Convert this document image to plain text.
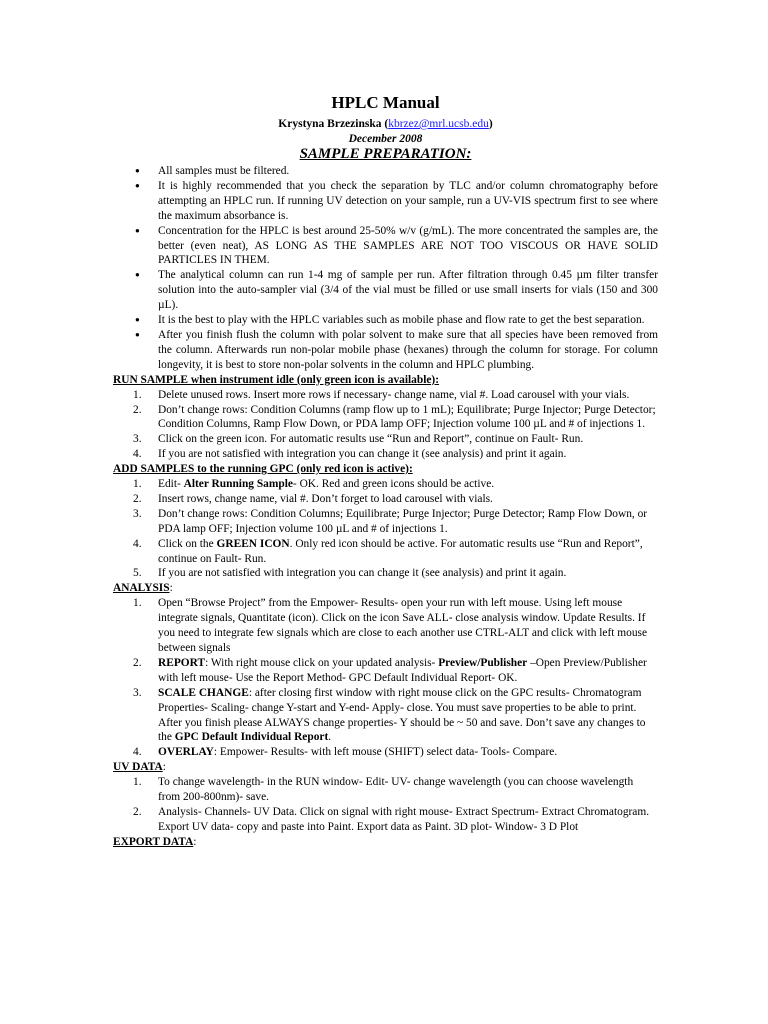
HPLC Manual
Krystyna Brzezinska (kbrzez@mrl.ucsb.edu)
December 2008
SAMPLE PREPARATION:
● All samples must be filtered.
● It is highly recommended that you check the separation by TLC and/or column chromatography before attempting an HPLC run. If running UV detection on your sample, run a UV-VIS spectrum first to see where the maximum absorbance is.
● Concentration for the HPLC is best around 25-50% w/v (g/mL). The more concentrated the samples are, the better (even neat), AS LONG AS THE SAMPLES ARE NOT TOO VISCOUS OR HAVE SOLID PARTICLES IN THEM.
● The analytical column can run 1-4 mg of sample per run. After filtration through 0.45 µm filter transfer solution into the auto-sampler vial (3/4 of the vial must be filled or use small inserts for vials (150 and 300 µL).
● It is the best to play with the HPLC variables such as mobile phase and flow rate to get the best separation.
● After you finish flush the column with polar solvent to make sure that all species have been removed from the column. Afterwards run non-polar mobile phase (hexanes) through the column for storage. For column longevity, it is best to store non-polar solvents in the column and HPLC plumbing.
RUN SAMPLE when instrument idle (only green icon is available):
1. Delete unused rows. Insert more rows if necessary- change name, vial #. Load carousel with your vials.
2. Don’t change rows: Condition Columns (ramp flow up to 1 mL); Equilibrate; Purge Injector; Purge Detector; Condition Columns, Ramp Flow Down, or PDA lamp OFF; Injection volume 100 µL and # of injections 1.
3. Click on the green icon. For automatic results use “Run and Report”, continue on Fault- Run.
4. If you are not satisfied with integration you can change it (see analysis) and print it again.
ADD SAMPLES to the running GPC (only red icon is active):
1. Edit- Alter Running Sample- OK. Red and green icons should be active.
2. Insert rows, change name, vial #. Don’t forget to load carousel with vials.
3. Don’t change rows: Condition Columns; Equilibrate; Purge Injector; Purge Detector; Ramp Flow Down, or PDA lamp OFF; Injection volume 100 µL and # of injections 1.
4. Click on the GREEN ICON. Only red icon should be active. For automatic results use “Run and Report”, continue on Fault- Run.
5. If you are not satisfied with integration you can change it (see analysis) and print it again.
ANALYSIS:
1. Open “Browse Project” from the Empower- Results- open your run with left mouse. Using left mouse integrate signals, Quantitate (icon). Click on the icon Save ALL- close analysis window. Update Results. If you need to integrate few signals which are close to each another use CTRL-ALT and click with left mouse between signals
2. REPORT: With right mouse click on your updated analysis- Preview/Publisher –Open Preview/Publisher with left mouse- Use the Report Method- GPC Default Individual Report- OK.
3. SCALE CHANGE: after closing first window with right mouse click on the GPC results- Chromatogram Properties- Scaling- change Y-start and Y-end- Apply- close. You must save properties to be able to print. After you finish please ALWAYS change properties- Y should be ~ 50 and save. Don’t save any changes to the GPC Default Individual Report.
4. OVERLAY: Empower- Results- with left mouse (SHIFT) select data- Tools- Compare.
UV DATA:
1. To change wavelength- in the RUN window- Edit- UV- change wavelength (you can choose wavelength from 200-800nm)- save.
2. Analysis- Channels- UV Data. Click on signal with right mouse- Extract Spectrum- Extract Chromatogram. Export UV data- copy and paste into Paint. Export data as Paint. 3D plot- Window- 3 D Plot
EXPORT DATA:
